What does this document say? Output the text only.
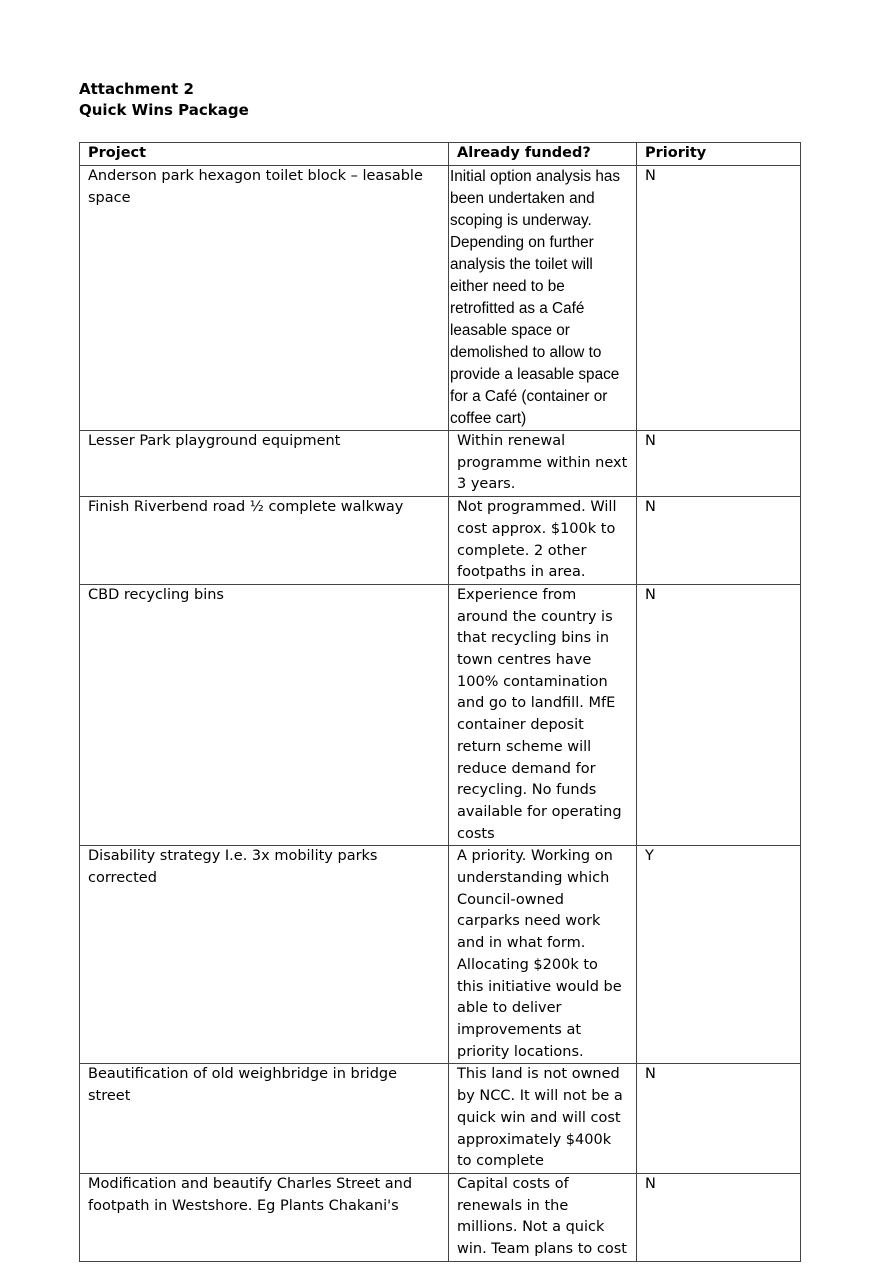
Attachment 2
Quick Wins Package
Project	Already funded?	Priority
Anderson park hexagon toilet block – leasable space	Initial option analysis has been undertaken and scoping is underway. Depending on further analysis the toilet will either need to be retrofitted as a Café leasable space or demolished to allow to provide a leasable space for a Café (container or coffee cart)	N
Lesser Park playground equipment	Within renewal programme within next 3 years.	N
Finish Riverbend road ½ complete walkway	Not programmed. Will cost approx. $100k to complete. 2 other footpaths in area.	N
CBD recycling bins	Experience from around the country is that recycling bins in town centres have 100% contamination and go to landfill. MfE container deposit return scheme will reduce demand for recycling. No funds available for operating costs	N
Disability strategy I.e. 3x mobility parks corrected	A priority. Working on understanding which Council-owned carparks need work and in what form. Allocating $200k to this initiative would be able to deliver improvements at priority locations.	Y
Beautification of old weighbridge in bridge street	This land is not owned by NCC. It will not be a quick win and will cost approximately $400k to complete	N
Modification and beautify Charles Street and footpath in Westshore. Eg Plants Chakani's	Capital costs of renewals in the millions. Not a quick win. Team plans to cost	N
